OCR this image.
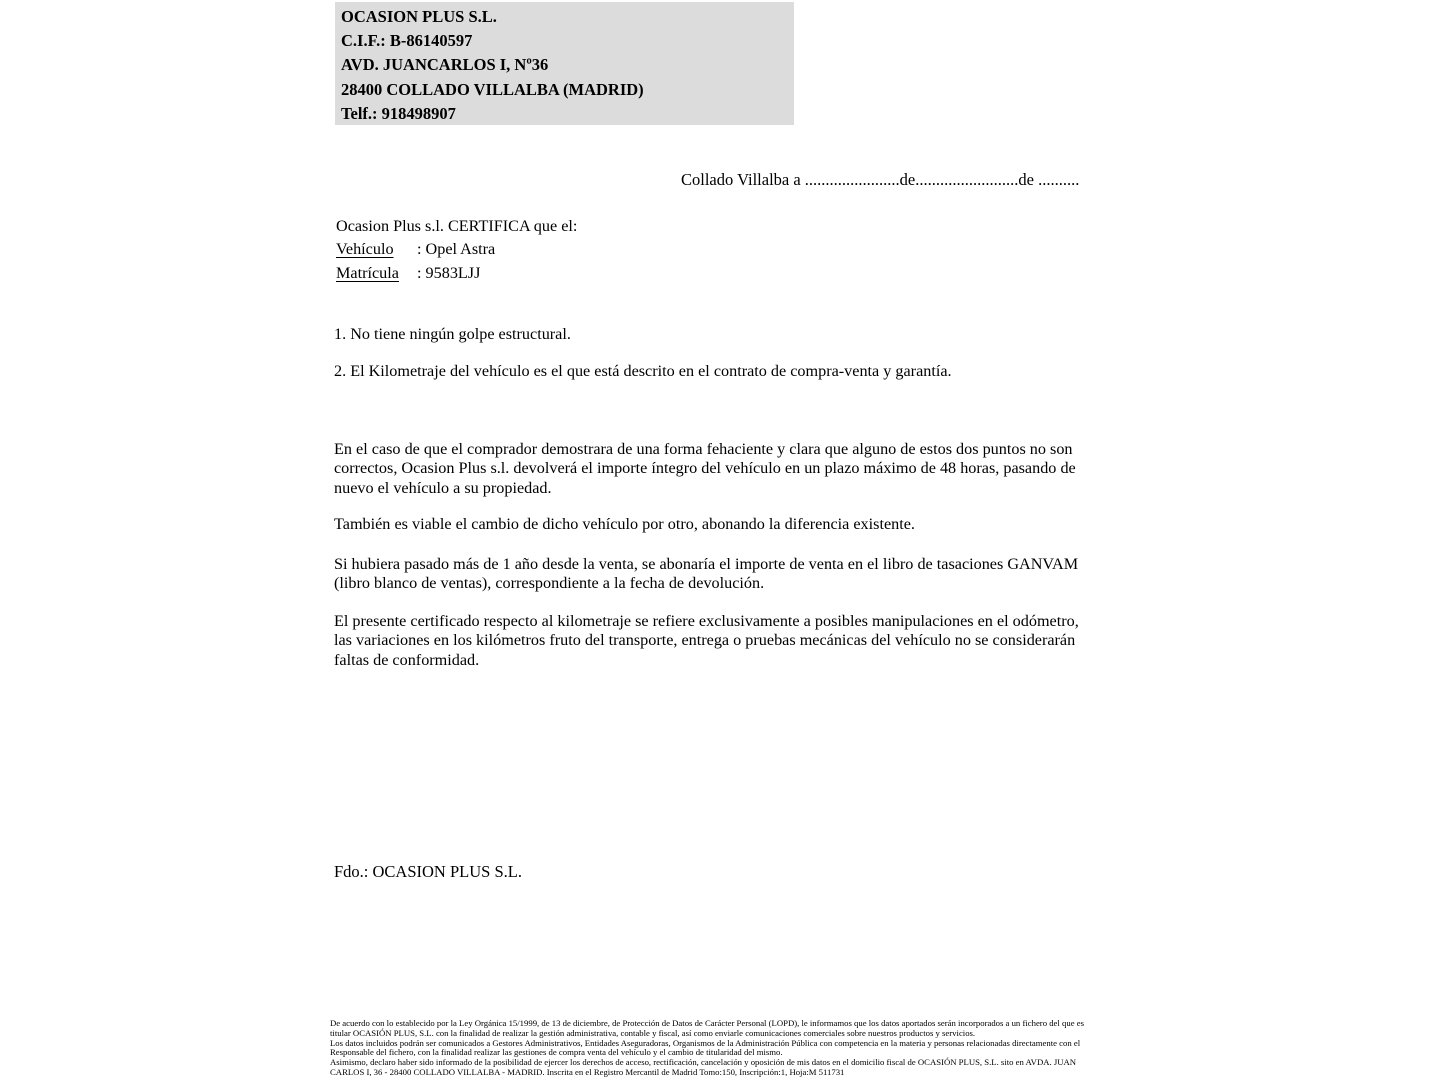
OCASION PLUS S.L.
C.I.F.: B-86140597
AVD. JUANCARLOS I, Nº36
28400 COLLADO VILLALBA (MADRID)
Telf.: 918498907
Collado Villalba a .......................de.........................de ..........
Ocasion Plus s.l. CERTIFICA que el:
Vehículo : Opel Astra
Matrícula : 9583LJJ

1. No tiene ningún golpe estructural.

2. El Kilometraje del vehículo es el que está descrito en el contrato de compra-venta y garantía.

En el caso de que el comprador demostrara de una forma fehaciente y clara que alguno de estos dos puntos no son correctos, Ocasion Plus s.l. devolverá el importe íntegro del vehículo en un plazo máximo de 48 horas, pasando de nuevo el vehículo a su propiedad.

También es viable el cambio de dicho vehículo por otro, abonando la diferencia existente.

Si hubiera pasado más de 1 año desde la venta, se abonaría el importe de venta en el libro de tasaciones GANVAM (libro blanco de ventas), correspondiente a la fecha de devolución.

El presente certificado respecto al kilometraje se refiere exclusivamente a posibles manipulaciones en el odómetro, las variaciones en los kilómetros fruto del transporte, entrega o pruebas mecánicas del vehículo no se considerarán faltas de conformidad.

Fdo.: OCASION PLUS S.L.

De acuerdo con lo establecido por la Ley Orgánica 15/1999, de 13 de diciembre, de Protección de Datos de Carácter Personal (LOPD), le informamos que los datos aportados serán incorporados a un fichero del que es titular OCASIÓN PLUS, S.L. con la finalidad de realizar la gestión administrativa, contable y fiscal, así como enviarle comunicaciones comerciales sobre nuestros productos y servicios.

Los datos incluidos podrán ser comunicados a Gestores Administrativos, Entidades Aseguradoras, Organismos de la Administración Pública con competencia en la materia y personas relacionadas directamente con el Responsable del fichero, con la finalidad realizar las gestiones de compra venta del vehículo y el cambio de titularidad del mismo.

Asimismo, declaro haber sido informado de la posibilidad de ejercer los derechos de acceso, rectificación, cancelación y oposición de mis datos en el domicilio fiscal de OCASIÓN PLUS, S.L. sito en AVDA. JUAN CARLOS I, 36 - 28400 COLLADO VILLALBA - MADRID. Inscrita en el Registro Mercantil de Madrid Tomo:150, Inscripción:1, Hoja:M 511731
